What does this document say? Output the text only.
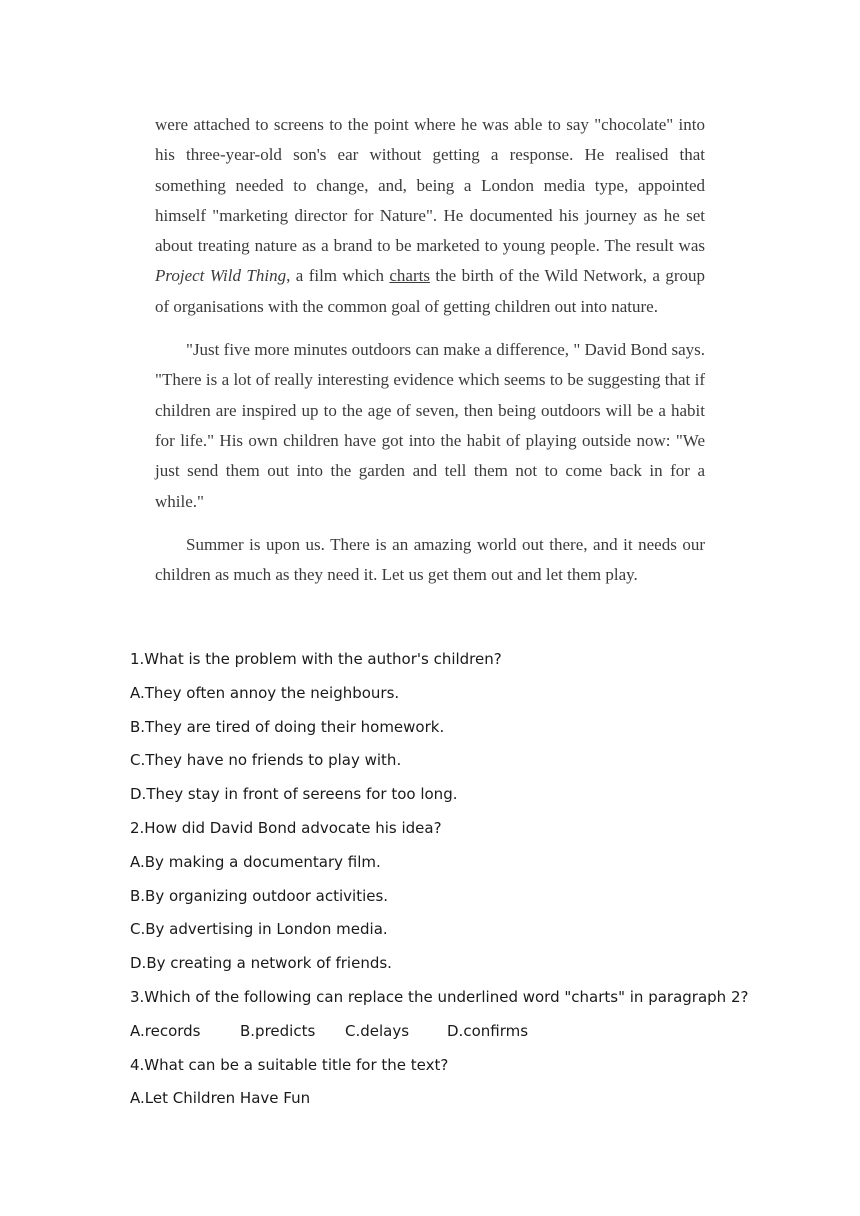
were attached to screens to the point where he was able to say "chocolate" into his three-year-old son's ear without getting a response. He realised that something needed to change, and, being a London media type, appointed himself "marketing director for Nature". He documented his journey as he set about treating nature as a brand to be marketed to young people. The result was Project Wild Thing, a film which charts the birth of the Wild Network, a group of organisations with the common goal of getting children out into nature.

"Just five more minutes outdoors can make a difference, " David Bond says. "There is a lot of really interesting evidence which seems to be suggesting that if children are inspired up to the age of seven, then being outdoors will be a habit for life." His own children have got into the habit of playing outside now: "We just send them out into the garden and tell them not to come back in for a while."

Summer is upon us. There is an amazing world out there, and it needs our children as much as they need it. Let us get them out and let them play.

1.What is the problem with the author's children?
A.They often annoy the neighbours.
B.They are tired of doing their homework.
C.They have no friends to play with.
D.They stay in front of sereens for too long.
2.How did David Bond advocate his idea?
A.By making a documentary film.
B.By organizing outdoor activities.
C.By advertising in London media.
D.By creating a network of friends.
3.Which of the following can replace the underlined word "charts" in paragraph 2?
A.records	B.predicts C.delays	D.confirms
4.What can be a suitable title for the text?
A.Let Children Have Fun
